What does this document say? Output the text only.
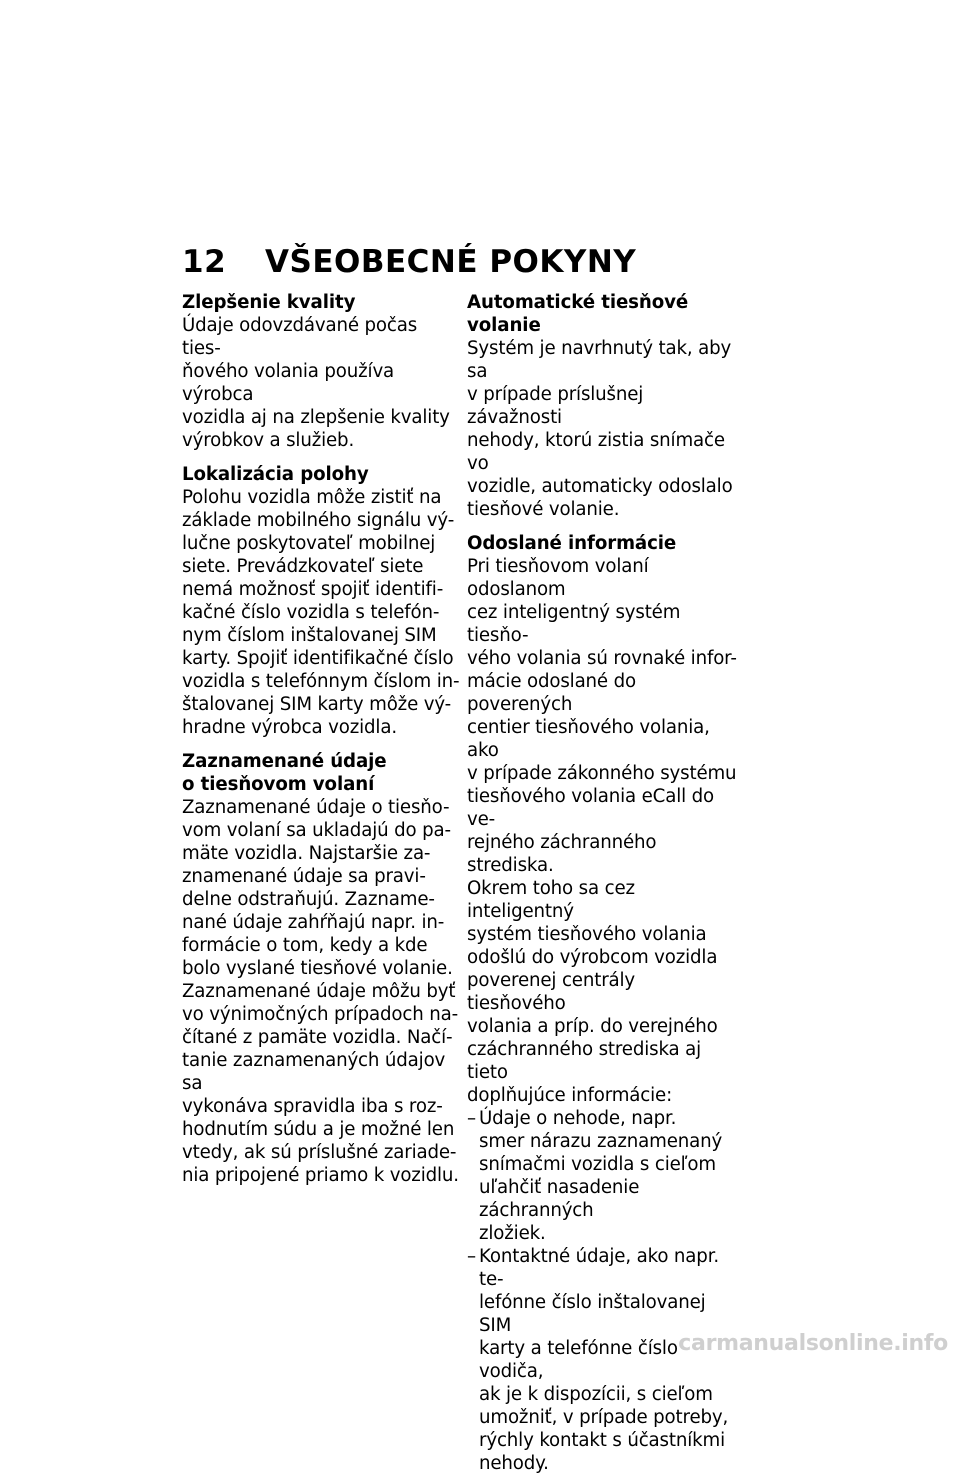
12 VŠEOBECNÉ POKYNY

Zlepšenie kvality

Údaje odovzdávané počas ties-
ňového volania používa výrobca
vozidla aj na zlepšenie kvality
výrobkov a služieb.

Lokalizácia polohy

Polohu vozidla môže zistiť na
základe mobilného signálu vý-
lučne poskytovateľ mobilnej
siete. Prevádzkovateľ siete
nemá možnosť spojiť identifi-
kačné číslo vozidla s telefón-
nym číslom inštalovanej SIM
karty. Spojiť identifikačné číslo
vozidla s telefónnym číslom in-
štalovanej SIM karty môže vý-
hradne výrobca vozidla.

Zaznamenané údaje
o tiesňovom volaní

Zaznamenané údaje o tiesňo-
vom volaní sa ukladajú do pa-
mäte vozidla. Najstaršie za-
znamenané údaje sa pravi-
delne odstraňujú. Zazname-
nané údaje zahŕňajú napr. in-
formácie o tom, kedy a kde
bolo vyslané tiesňové volanie.
Zaznamenané údaje môžu byť
vo výnimočných prípadoch na-
čítané z pamäte vozidla. Načí-
tanie zaznamenaných údajov sa
vykonáva spravidla iba s roz-
hodnutím súdu a je možné len
vtedy, ak sú príslušné zariade-
nia pripojené priamo k vozidlu.

Automatické tiesňové volanie

Systém je navrhnutý tak, aby sa
v prípade príslušnej závažnosti
nehody, ktorú zistia snímače vo
vozidle, automaticky odoslalo
tiesňové volanie.

Odoslané informácie

Pri tiesňovom volaní odoslanom
cez inteligentný systém tiesňo-
vého volania sú rovnaké infor-
mácie odoslané do poverených
centier tiesňového volania, ako
v prípade zákonného systému
tiesňového volania eCall do ve-
rejného záchranného strediska.
Okrem toho sa cez inteligentný
systém tiesňového volania
odošlú do výrobcom vozidla
poverenej centrály tiesňového
volania a príp. do verejného
czáchranného strediska aj tieto
doplňujúce informácie:

– Údaje o nehode, napr.
smer nárazu zaznamenaný
snímačmi vozidla s cieľom
uľahčiť nasadenie záchranných
zložiek.
– Kontaktné údaje, ako napr. te-
lefónne číslo inštalovanej SIM
karty a telefónne číslo vodiča,
ak je k dispozícii, s cieľom
umožniť, v prípade potreby,
rýchly kontakt s účastníkmi
nehody.

carmanualsonline.info
